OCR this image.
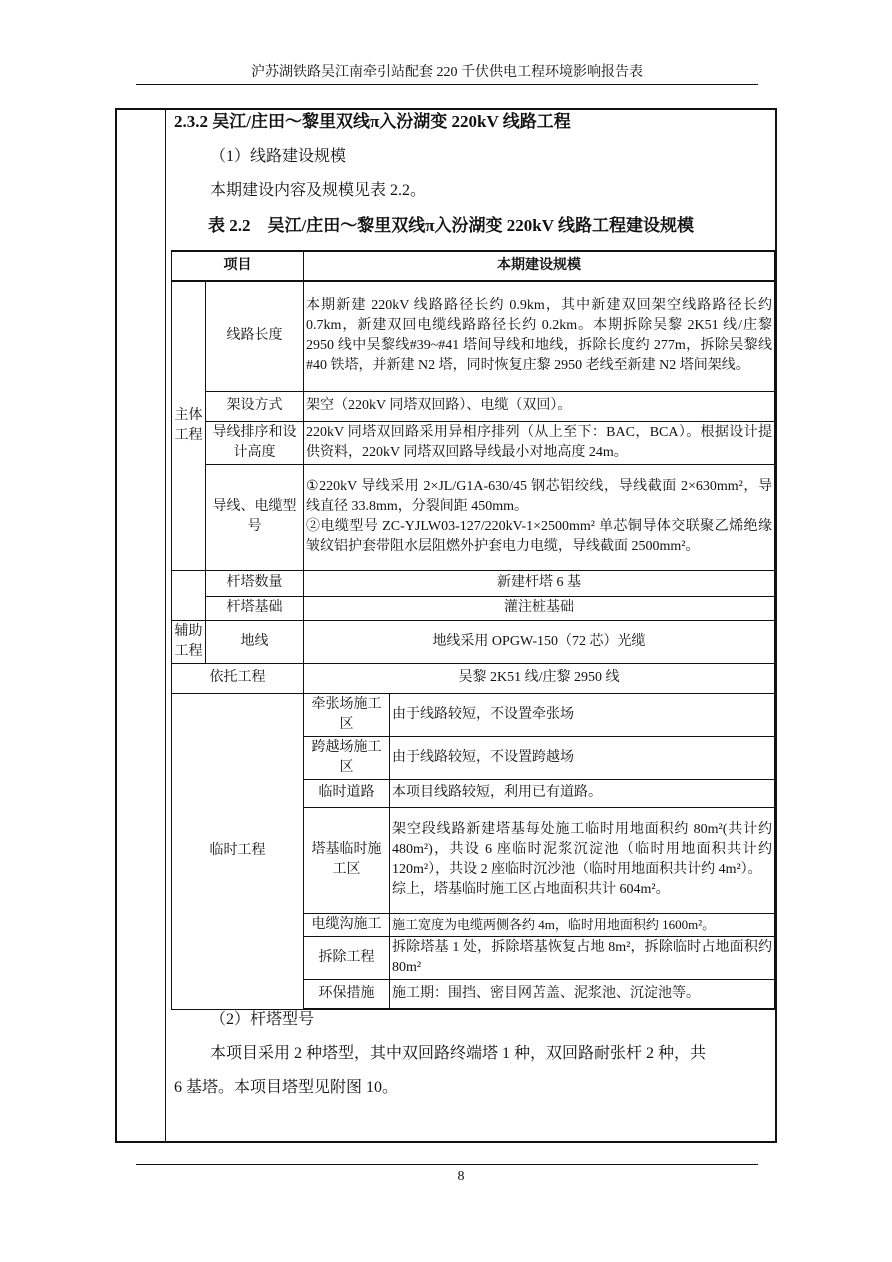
沪苏湖铁路吴江南牵引站配套 220 千伏供电工程环境影响报告表
2.3.2 吴江/庄田～黎里双线π入汾湖变 220kV 线路工程
（1）线路建设规模
本期建设内容及规模见表 2.2。
表 2.2　吴江/庄田～黎里双线π入汾湖变 220kV 线路工程建设规模
项目		本期建设规模	
主体工程	线路长度	本期新建 220kV 线路路径长约 0.9km，其中新建双回架空线路路径长约 0.7km，新建双回电缆线路路径长约 0.2km。本期拆除吴黎 2K51 线/庄黎 2950 线中吴黎线#39~#41 塔间导线和地线，拆除长度约 277m，拆除吴黎线#40 铁塔，并新建 N2 塔，同时恢复庄黎 2950 老线至新建 N2 塔间架线。	
	架设方式	架空（220kV 同塔双回路）、电缆（双回）。	
	导线排序和设计高度	220kV 同塔双回路采用异相序排列（从上至下：BAC，BCA）。根据设计提供资料，220kV 同塔双回路导线最小对地高度 24m。	
	导线、电缆型号	①220kV 导线采用 2×JL/G1A-630/45 钢芯铝绞线，导线截面 2×630mm²，导线直径 33.8mm，分裂间距 450mm。
②电缆型号 ZC-YJLW03-127/220kV-1×2500mm² 单芯铜导体交联聚乙烯绝缘皱纹铝护套带阻水层阻燃外护套电力电缆，导线截面 2500mm²。	

	杆塔数量	新建杆塔 6 基	
	杆塔基础	灌注桩基础	
辅助工程	地线	地线采用 OPGW-150（72 芯）光缆	
依托工程		吴黎 2K51 线/庄黎 2950 线	
临时工程		牵张场施工区	由于线路较短，不设置牵张场
		跨越场施工区	由于线路较短，不设置跨越场
		临时道路	本项目线路较短，利用已有道路。
		塔基临时施工区	架空段线路新建塔基每处施工临时用地面积约 80m²(共计约 480m²)，共设 6 座临时泥浆沉淀池（临时用地面积共计约 120m²），共设 2 座临时沉沙池（临时用地面积共计约 4m²）。
综上，塔基临时施工区占地面积共计 604m²。

		电缆沟施工	施工宽度为电缆两侧各约 4m，临时用地面积约 1600m²。
		拆除工程	拆除塔基 1 处，拆除塔基恢复占地 8m²，拆除临时占地面积约 80m²
		环保措施	施工期：围挡、密目网苫盖、泥浆池、沉淀池等。
（2）杆塔型号
本项目采用 2 种塔型，其中双回路终端塔 1 种，双回路耐张杆 2 种，共
6 基塔。本项目塔型见附图 10。
8
